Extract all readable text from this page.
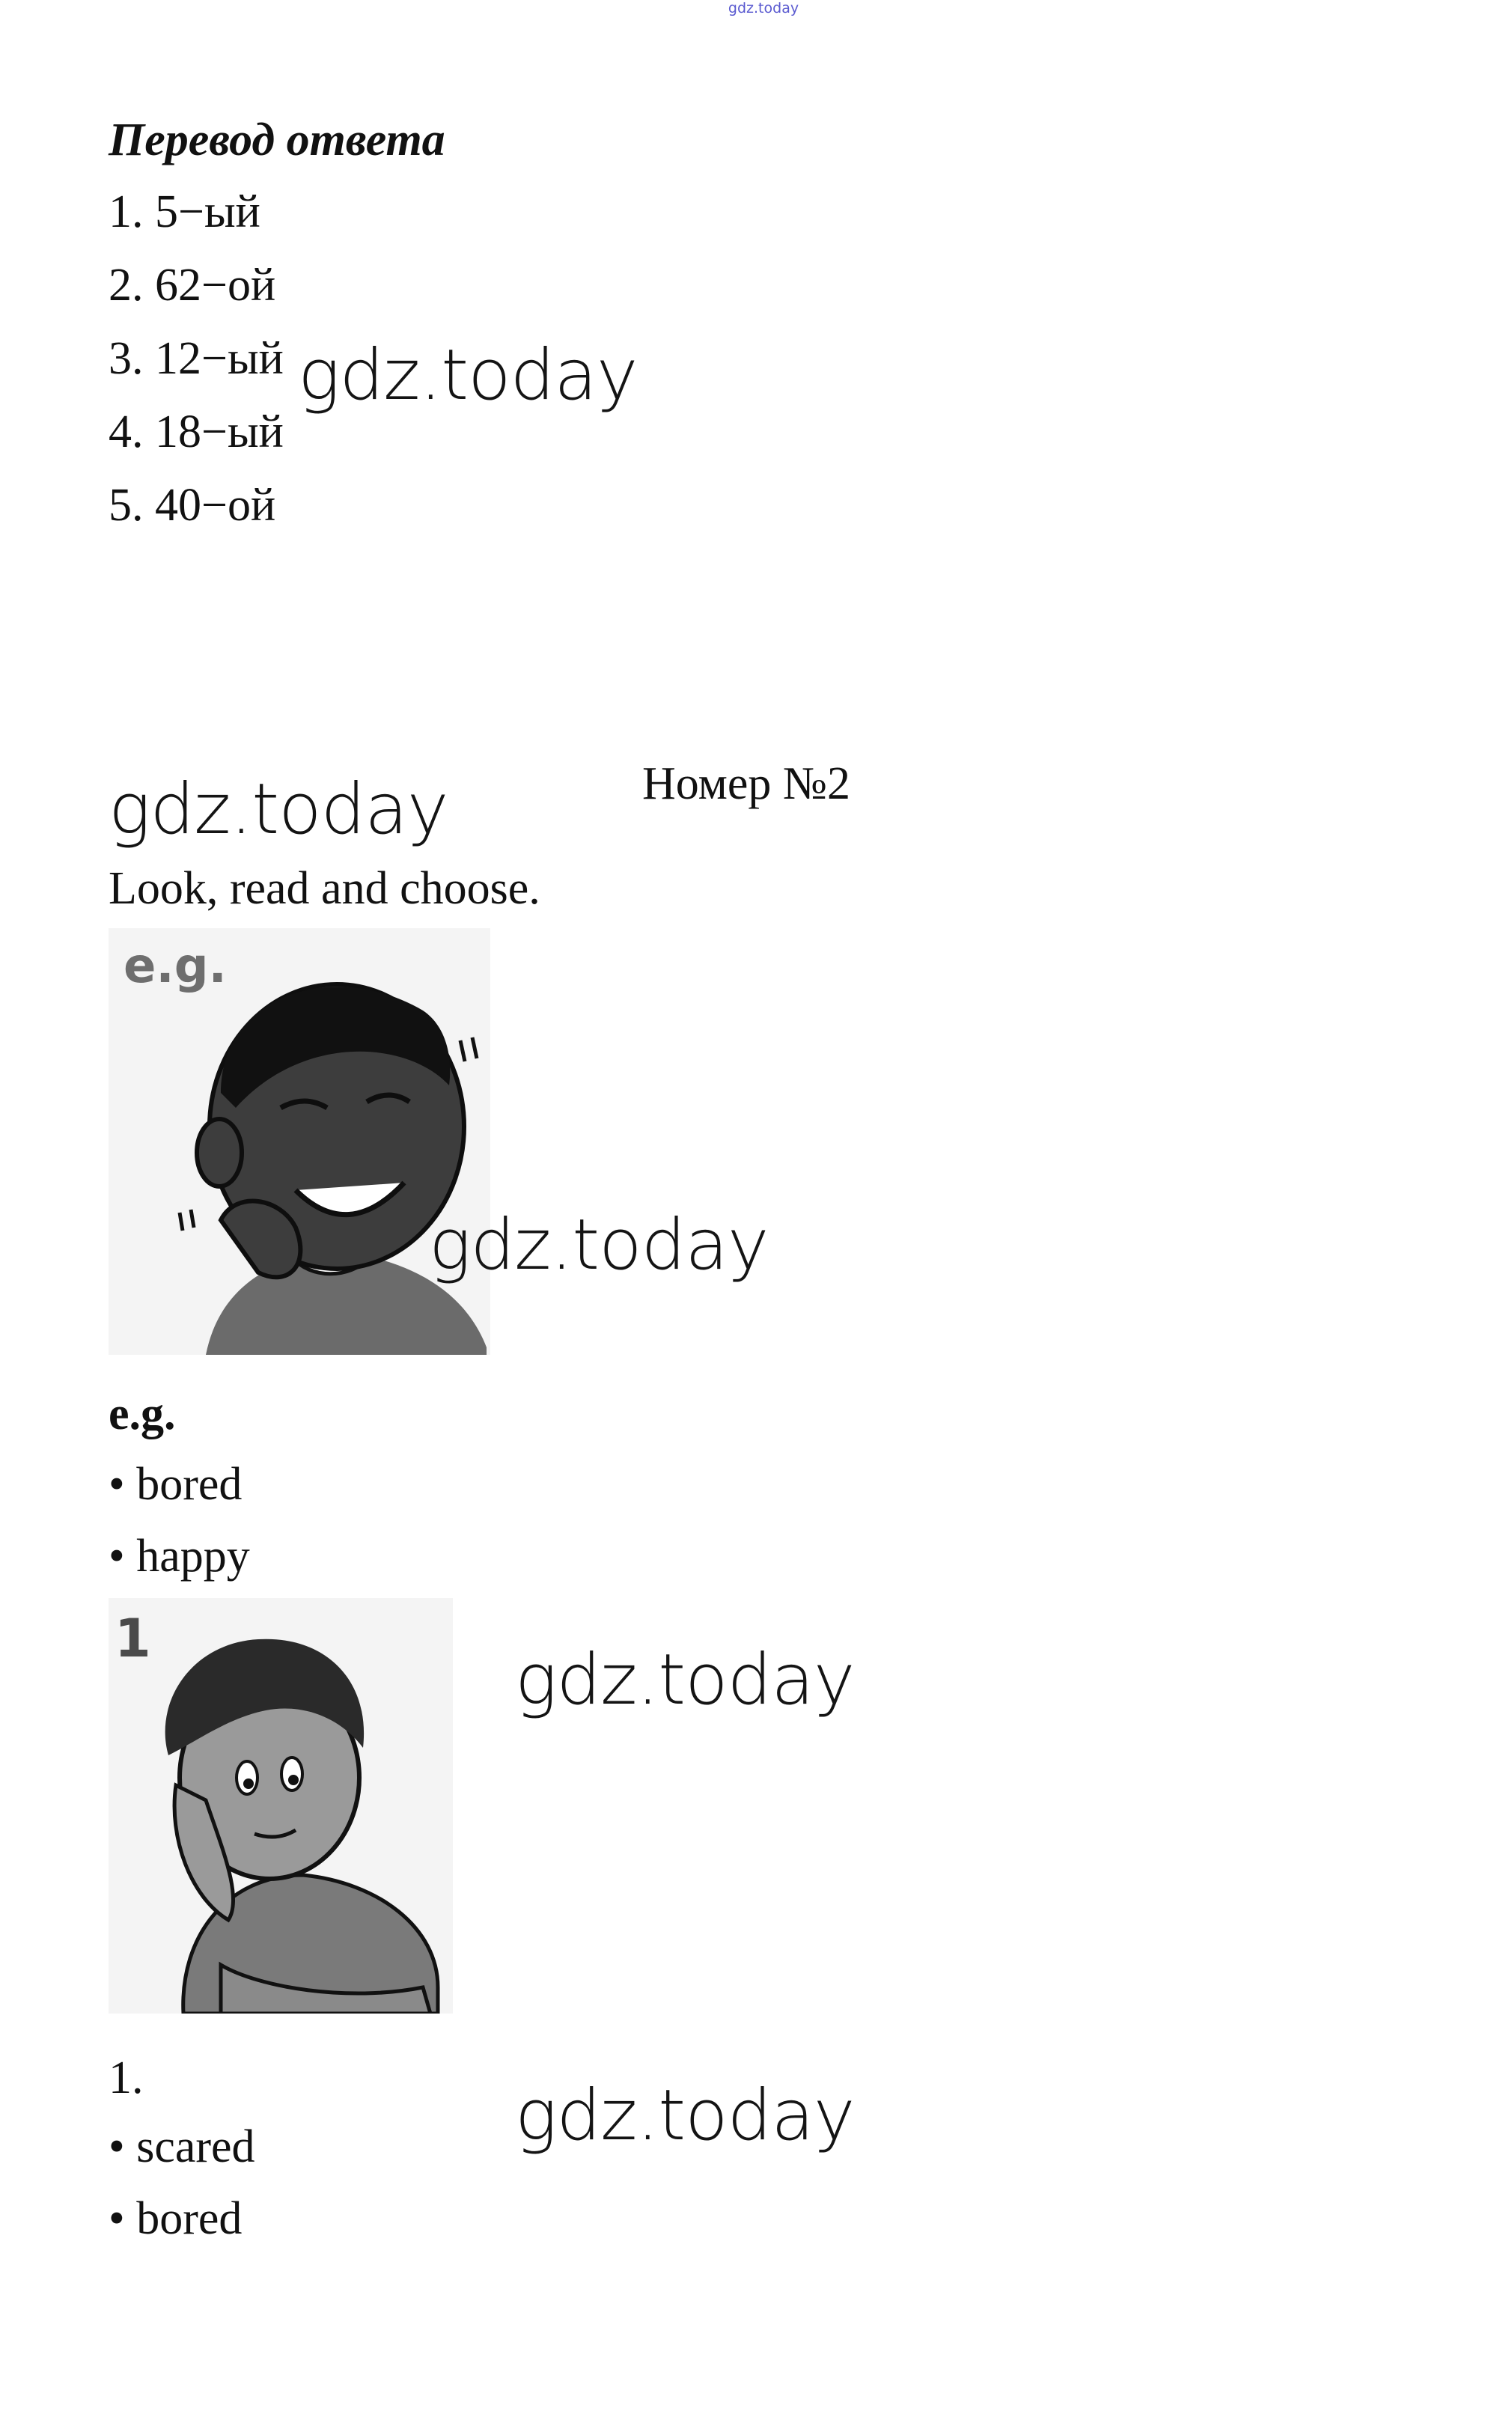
gdz.today
Перевод ответа
1. 5−ый
2. 62−ой
3. 12−ый
4. 18−ый
5. 40−ой
gdz.today
gdz.today	Номер №2
Look, read and choose.
e.g.
gdz.today
e.g.
• bored
• happy
1
gdz.today
1.	gdz.today
• scared
• bored
